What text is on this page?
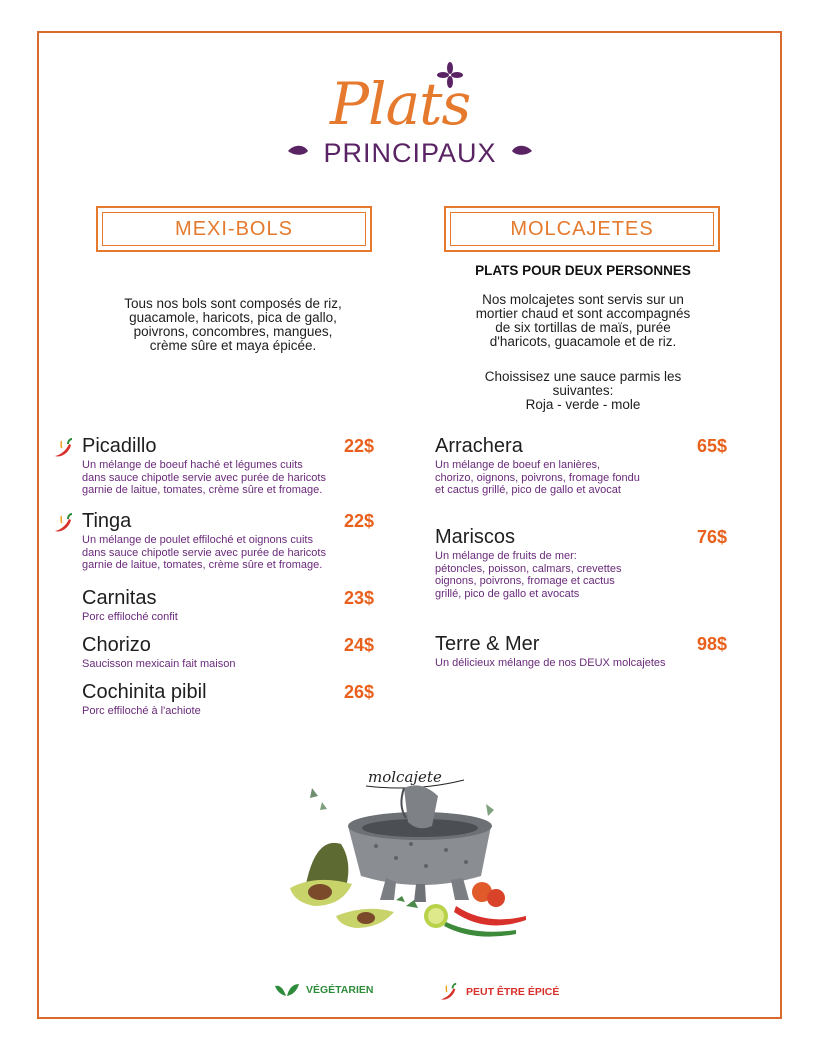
Plats
PRINCIPAUX
MEXI-BOLS	MOLCAJETES
PLATS POUR DEUX PERSONNES
Tous nos bols sont composés de riz,
guacamole, haricots, pica de gallo,
poivrons, concombres, mangues,
crème sûre et maya épicée.
Nos molcajetes sont servis sur un
mortier chaud et sont accompagnés
de six tortillas de maïs, purée
d'haricots, guacamole et de riz.
Choissisez une sauce parmis les
suivantes:
Roja - verde - mole
Picadillo	22$
Un mélange de boeuf haché et légumes cuits
dans sauce chipotle servie avec purée de haricots
garnie de laitue, tomates, crème sûre et fromage.
Tinga	22$
Un mélange de poulet effiloché et oignons cuits
dans sauce chipotle servie avec purée de haricots
garnie de laitue, tomates, crème sûre et fromage.
Carnitas	23$
Porc effiloché confit
Chorizo	24$
Saucisson mexicain fait maison
Cochinita pibil	26$
Porc effiloché à l'achiote
Arrachera	65$
Un mélange de boeuf en lanières,
chorizo, oignons, poivrons, fromage fondu
et cactus grillé, pico de gallo et avocat
Mariscos	76$
Un mélange de fruits de mer:
pétoncles, poisson, calmars, crevettes
oignons, poivrons, fromage et cactus
grillé, pico de gallo et avocats
Terre & Mer	98$
Un délicieux mélange de nos DEUX molcajetes
molcajete
VÉGÉTARIEN	PEUT ÊTRE ÉPICÉ
